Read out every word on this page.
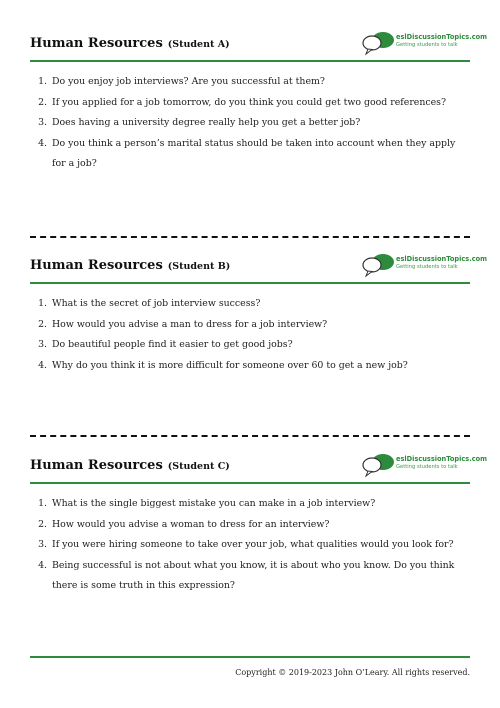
Human Resources (Student A)
eslDiscussionTopics.com
Getting students to talk
1. Do you enjoy job interviews? Are you successful at them?
2. If you applied for a job tomorrow, do you think you could get two good references?
3. Does having a university degree really help you get a better job?
4. Do you think a person’s marital status should be taken into account when they apply for a job?
Human Resources (Student B)
eslDiscussionTopics.com
Getting students to talk
1. What is the secret of job interview success?
2. How would you advise a man to dress for a job interview?
3. Do beautiful people find it easier to get good jobs?
4. Why do you think it is more difficult for someone over 60 to get a new job?
Human Resources (Student C)
eslDiscussionTopics.com
Getting students to talk
1. What is the single biggest mistake you can make in a job interview?
2. How would you advise a woman to dress for an interview?
3. If you were hiring someone to take over your job, what qualities would you look for?
4. Being successful is not about what you know, it is about who you know. Do you think there is some truth in this expression?
Copyright © 2019-2023 John O’Leary. All rights reserved.
